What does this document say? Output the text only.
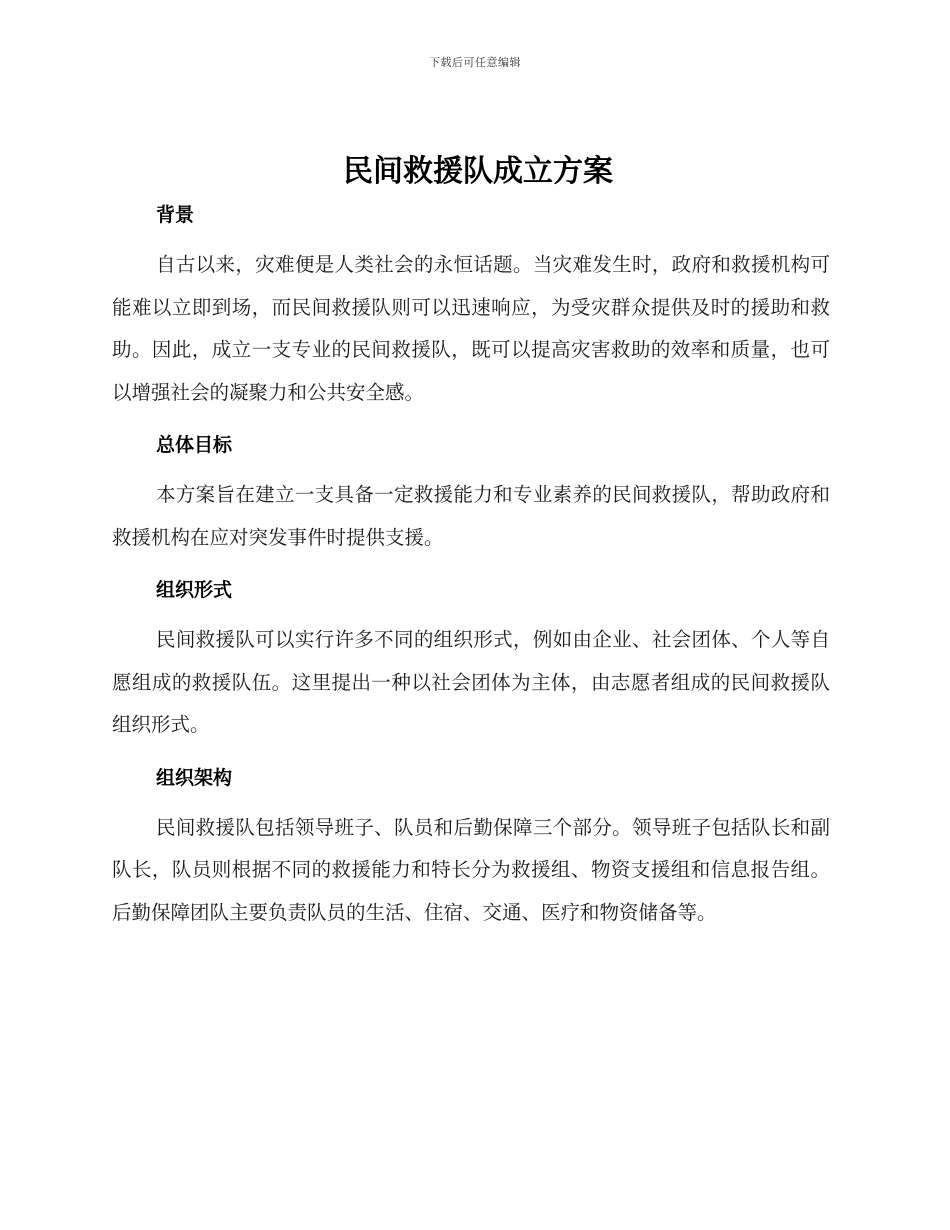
下载后可任意编辑
民间救援队成立方案
背景

自古以来，灾难便是人类社会的永恒话题。当灾难发生时，政府和救援机构可能难以立即到场，而民间救援队则可以迅速响应，为受灾群众提供及时的援助和救助。因此，成立一支专业的民间救援队，既可以提高灾害救助的效率和质量，也可以增强社会的凝聚力和公共安全感。

总体目标

本方案旨在建立一支具备一定救援能力和专业素养的民间救援队，帮助政府和救援机构在应对突发事件时提供支援。

组织形式

民间救援队可以实行许多不同的组织形式，例如由企业、社会团体、个人等自愿组成的救援队伍。这里提出一种以社会团体为主体，由志愿者组成的民间救援队组织形式。

组织架构

民间救援队包括领导班子、队员和后勤保障三个部分。领导班子包括队长和副队长，队员则根据不同的救援能力和特长分为救援组、物资支援组和信息报告组。后勤保障团队主要负责队员的生活、住宿、交通、医疗和物资储备等。
